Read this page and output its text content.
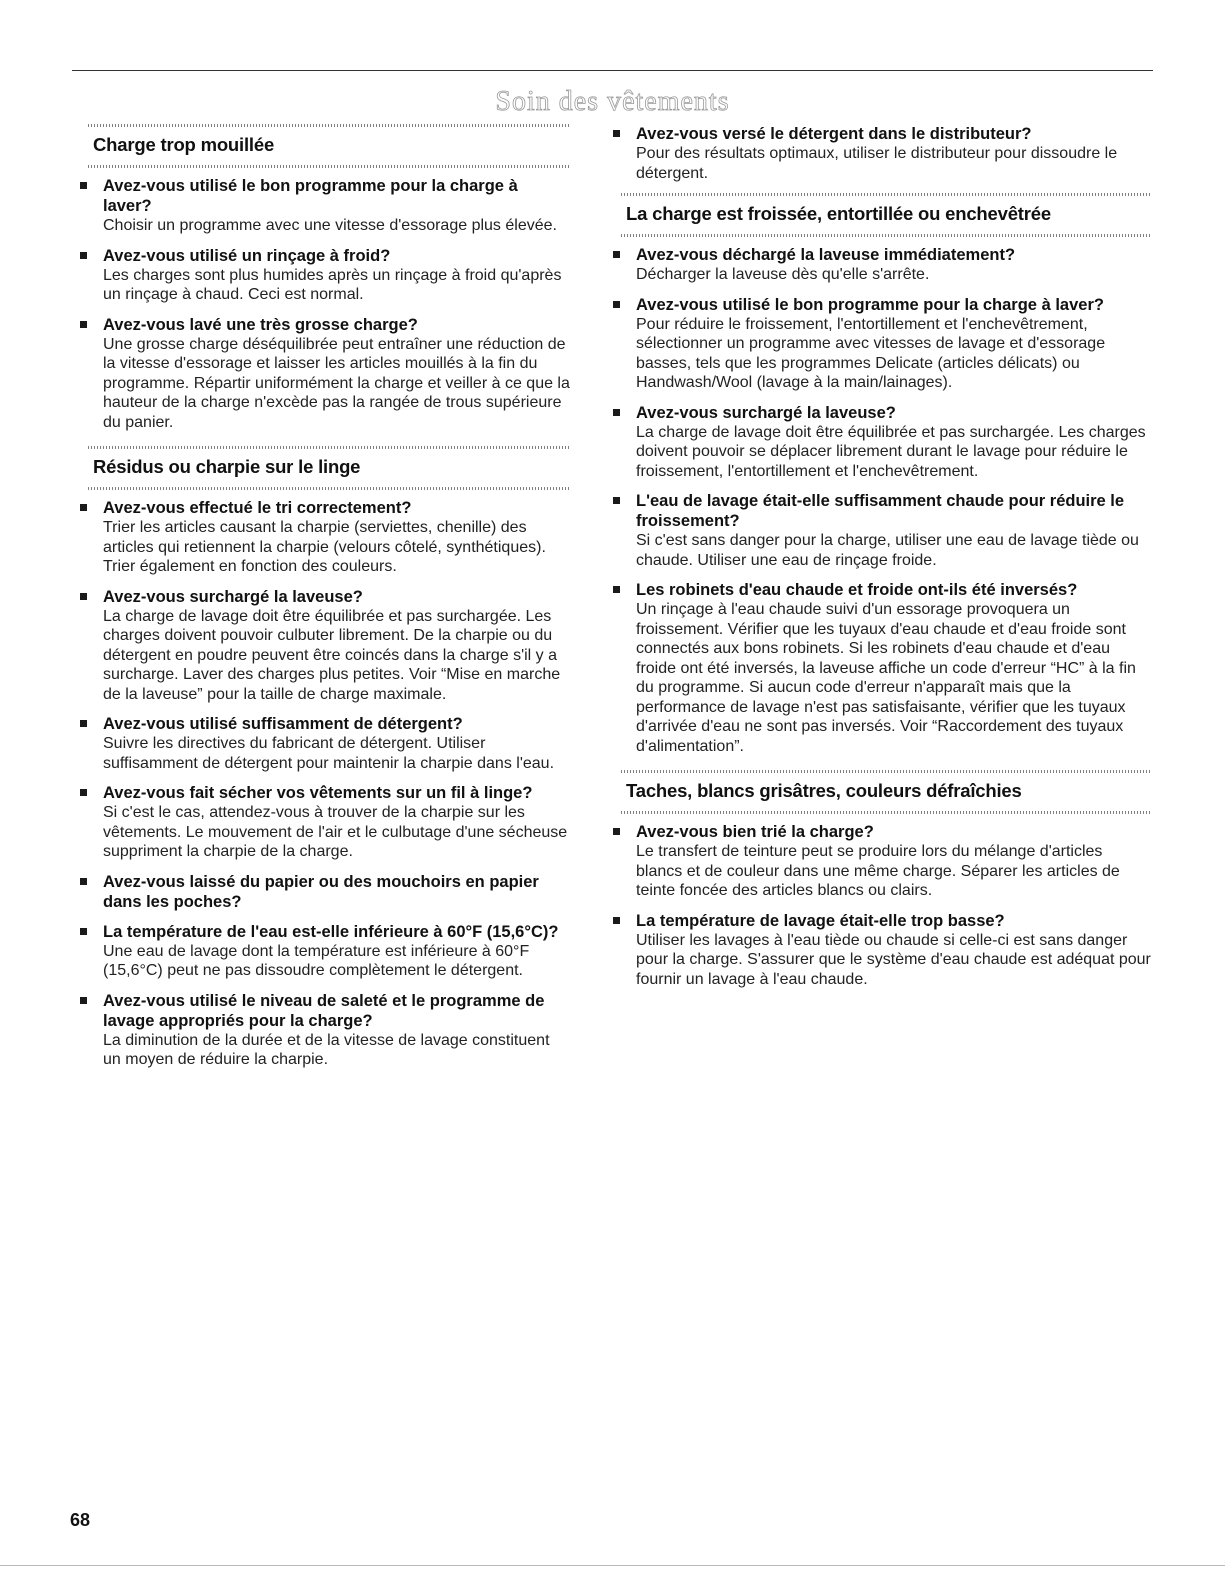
Soin des vêtements
Charge trop mouillée
Avez-vous utilisé le bon programme pour la charge à laver?
Choisir un programme avec une vitesse d'essorage plus élevée.
Avez-vous utilisé un rinçage à froid?
Les charges sont plus humides après un rinçage à froid qu'après un rinçage à chaud. Ceci est normal.
Avez-vous lavé une très grosse charge?
Une grosse charge déséquilibrée peut entraîner une réduction de la vitesse d'essorage et laisser les articles mouillés à la fin du programme. Répartir uniformément la charge et veiller à ce que la hauteur de la charge n'excède pas la rangée de trous supérieure du panier.
Résidus ou charpie sur le linge
Avez-vous effectué le tri correctement?
Trier les articles causant la charpie (serviettes, chenille) des articles qui retiennent la charpie (velours côtelé, synthétiques). Trier également en fonction des couleurs.
Avez-vous surchargé la laveuse?
La charge de lavage doit être équilibrée et pas surchargée. Les charges doivent pouvoir culbuter librement. De la charpie ou du détergent en poudre peuvent être coincés dans la charge s'il y a surcharge. Laver des charges plus petites. Voir “Mise en marche de la laveuse” pour la taille de charge maximale.
Avez-vous utilisé suffisamment de détergent?
Suivre les directives du fabricant de détergent. Utiliser suffisamment de détergent pour maintenir la charpie dans l'eau.
Avez-vous fait sécher vos vêtements sur un fil à linge?
Si c'est le cas, attendez-vous à trouver de la charpie sur les vêtements. Le mouvement de l'air et le culbutage d'une sécheuse suppriment la charpie de la charge.
Avez-vous laissé du papier ou des mouchoirs en papier dans les poches?
La température de l'eau est-elle inférieure à 60°F (15,6°C)?
Une eau de lavage dont la température est inférieure à 60°F (15,6°C) peut ne pas dissoudre complètement le détergent.
Avez-vous utilisé le niveau de saleté et le programme de lavage appropriés pour la charge?
La diminution de la durée et de la vitesse de lavage constituent un moyen de réduire la charpie.
Avez-vous versé le détergent dans le distributeur?
Pour des résultats optimaux, utiliser le distributeur pour dissoudre le détergent.
La charge est froissée, entortillée ou enchevêtrée
Avez-vous déchargé la laveuse immédiatement?
Décharger la laveuse dès qu'elle s'arrête.
Avez-vous utilisé le bon programme pour la charge à laver?
Pour réduire le froissement, l'entortillement et l'enchevêtrement, sélectionner un programme avec vitesses de lavage et d'essorage basses, tels que les programmes Delicate (articles délicats) ou Handwash/Wool (lavage à la main/lainages).
Avez-vous surchargé la laveuse?
La charge de lavage doit être équilibrée et pas surchargée. Les charges doivent pouvoir se déplacer librement durant le lavage pour réduire le froissement, l'entortillement et l'enchevêtrement.
L'eau de lavage était-elle suffisamment chaude pour réduire le froissement?
Si c'est sans danger pour la charge, utiliser une eau de lavage tiède ou chaude. Utiliser une eau de rinçage froide.
Les robinets d'eau chaude et froide ont-ils été inversés?
Un rinçage à l'eau chaude suivi d'un essorage provoquera un froissement. Vérifier que les tuyaux d'eau chaude et d'eau froide sont connectés aux bons robinets. Si les robinets d'eau chaude et d'eau froide ont été inversés, la laveuse affiche un code d'erreur “HC” à la fin du programme. Si aucun code d'erreur n'apparaît mais que la performance de lavage n'est pas satisfaisante, vérifier que les tuyaux d'arrivée d'eau ne sont pas inversés. Voir “Raccordement des tuyaux d'alimentation”.
Taches, blancs grisâtres, couleurs défraîchies
Avez-vous bien trié la charge?
Le transfert de teinture peut se produire lors du mélange d'articles blancs et de couleur dans une même charge. Séparer les articles de teinte foncée des articles blancs ou clairs.
La température de lavage était-elle trop basse?
Utiliser les lavages à l'eau tiède ou chaude si celle-ci est sans danger pour la charge. S'assurer que le système d'eau chaude est adéquat pour fournir un lavage à l'eau chaude.
68
